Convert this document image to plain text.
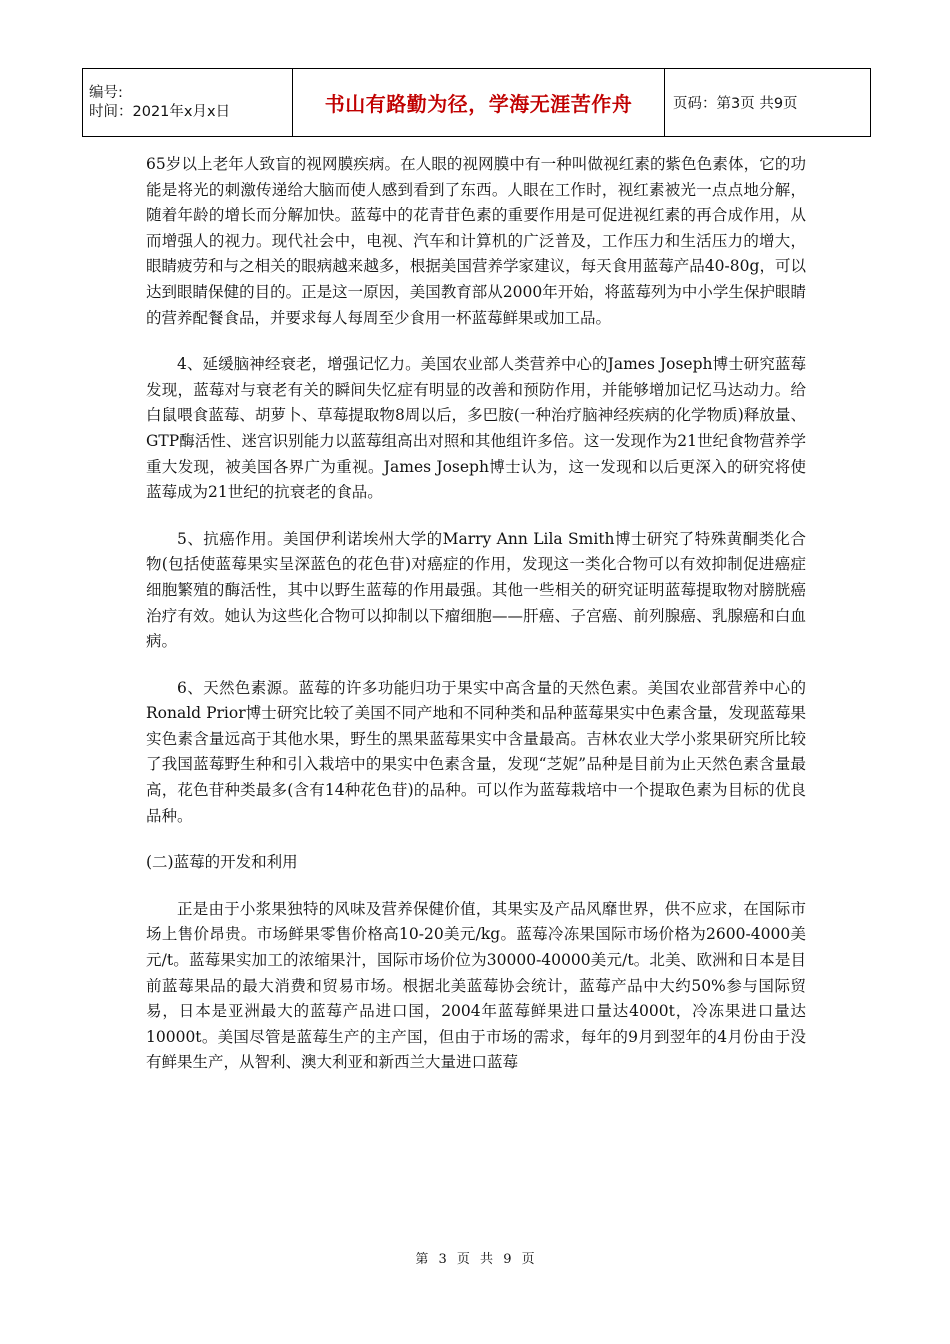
编号:
时间：2021年x月x日	书山有路勤为径，学海无涯苦作舟	页码：第3页 共9页

65岁以上老年人致盲的视网膜疾病。在人眼的视网膜中有一种叫做视红素的紫色色素体，它的功能是将光的刺激传递给大脑而使人感到看到了东西。人眼在工作时，视红素被光一点点地分解，随着年龄的增长而分解加快。蓝莓中的花青苷色素的重要作用是可促进视红素的再合成作用，从而增强人的视力。现代社会中，电视、汽车和计算机的广泛普及，工作压力和生活压力的增大，眼睛疲劳和与之相关的眼病越来越多，根据美国营养学家建议，每天食用蓝莓产品40-80g，可以达到眼睛保健的目的。正是这一原因，美国教育部从2000年开始，将蓝莓列为中小学生保护眼睛的营养配餐食品，并要求每人每周至少食用一杯蓝莓鲜果或加工品。

4、延缓脑神经衰老，增强记忆力。美国农业部人类营养中心的James Joseph博士研究蓝莓发现，蓝莓对与衰老有关的瞬间失忆症有明显的改善和预防作用，并能够增加记忆马达动力。给白鼠喂食蓝莓、胡萝卜、草莓提取物8周以后，多巴胺(一种治疗脑神经疾病的化学物质)释放量、GTP酶活性、迷宫识别能力以蓝莓组高出对照和其他组许多倍。这一发现作为21世纪食物营养学重大发现，被美国各界广为重视。James Joseph博士认为，这一发现和以后更深入的研究将使蓝莓成为21世纪的抗衰老的食品。

5、抗癌作用。美国伊利诺埃州大学的Marry Ann Lila Smith博士研究了特殊黄酮类化合物(包括使蓝莓果实呈深蓝色的花色苷)对癌症的作用，发现这一类化合物可以有效抑制促进癌症细胞繁殖的酶活性，其中以野生蓝莓的作用最强。其他一些相关的研究证明蓝莓提取物对膀胱癌治疗有效。她认为这些化合物可以抑制以下瘤细胞——肝癌、子宫癌、前列腺癌、乳腺癌和白血病。

6、天然色素源。蓝莓的许多功能归功于果实中高含量的天然色素。美国农业部营养中心的Ronald Prior博士研究比较了美国不同产地和不同种类和品种蓝莓果实中色素含量，发现蓝莓果实色素含量远高于其他水果，野生的黑果蓝莓果实中含量最高。吉林农业大学小浆果研究所比较了我国蓝莓野生种和引入栽培中的果实中色素含量，发现“芝妮”品种是目前为止天然色素含量最高，花色苷种类最多(含有14种花色苷)的品种。可以作为蓝莓栽培中一个提取色素为目标的优良品种。

(二)蓝莓的开发和利用

正是由于小浆果独特的风味及营养保健价值，其果实及产品风靡世界，供不应求，在国际市场上售价昂贵。市场鲜果零售价格高10-20美元/kg。蓝莓冷冻果国际市场价格为2600-4000美元/t。蓝莓果实加工的浓缩果汁，国际市场价位为30000-40000美元/t。北美、欧洲和日本是目前蓝莓果品的最大消费和贸易市场。根据北美蓝莓协会统计，蓝莓产品中大约50%参与国际贸易，日本是亚洲最大的蓝莓产品进口国，2004年蓝莓鲜果进口量达4000t，冷冻果进口量达10000t。美国尽管是蓝莓生产的主产国，但由于市场的需求，每年的9月到翌年的4月份由于没有鲜果生产，从智利、澳大利亚和新西兰大量进口蓝莓

第 3 页 共 9 页
